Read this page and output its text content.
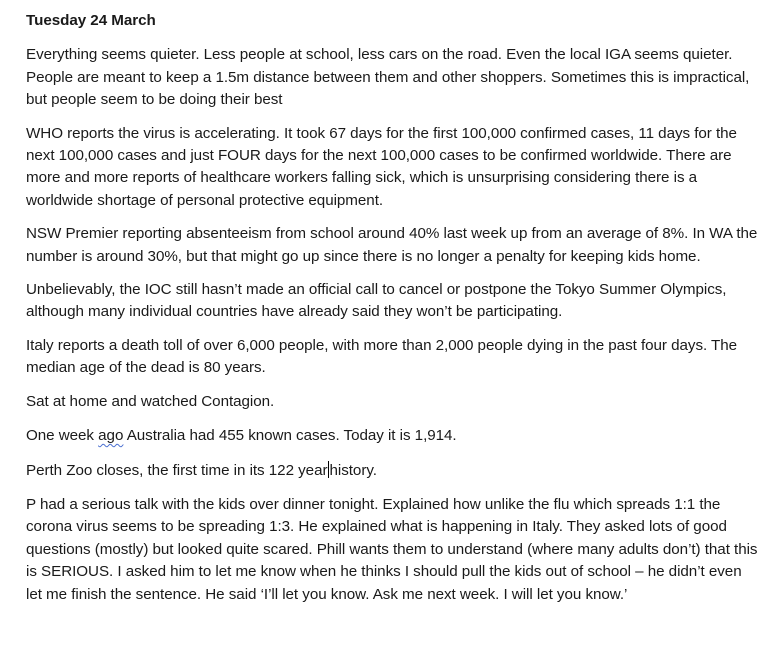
Tuesday 24 March

Everything seems quieter. Less people at school, less cars on the road. Even the local IGA seems quieter. People are meant to keep a 1.5m distance between them and other shoppers. Sometimes this is impractical, but people seem to be doing their best

WHO reports the virus is accelerating. It took 67 days for the first 100,000 confirmed cases, 11 days for the next 100,000 cases and just FOUR days for the next 100,000 cases to be confirmed worldwide. There are more and more reports of healthcare workers falling sick, which is unsurprising considering there is a worldwide shortage of personal protective equipment.

NSW Premier reporting absenteeism from school around 40% last week up from an average of 8%. In WA the number is around 30%, but that might go up since there is no longer a penalty for keeping kids home.

Unbelievably, the IOC still hasn’t made an official call to cancel or postpone the Tokyo Summer Olympics, although many individual countries have already said they won’t be participating.

Italy reports a death toll of over 6,000 people, with more than 2,000 people dying in the past four days. The median age of the dead is 80 years.

Sat at home and watched Contagion.

One week ago Australia had 455 known cases. Today it is 1,914.

Perth Zoo closes, the first time in its 122 year history.

P had a serious talk with the kids over dinner tonight. Explained how unlike the flu which spreads 1:1 the corona virus seems to be spreading 1:3. He explained what is happening in Italy. They asked lots of good questions (mostly) but looked quite scared. Phill wants them to understand (where many adults don’t) that this is SERIOUS. I asked him to let me know when he thinks I should pull the kids out of school – he didn’t even let me finish the sentence. He said ‘I’ll let you know. Ask me next week. I will let you know.’
